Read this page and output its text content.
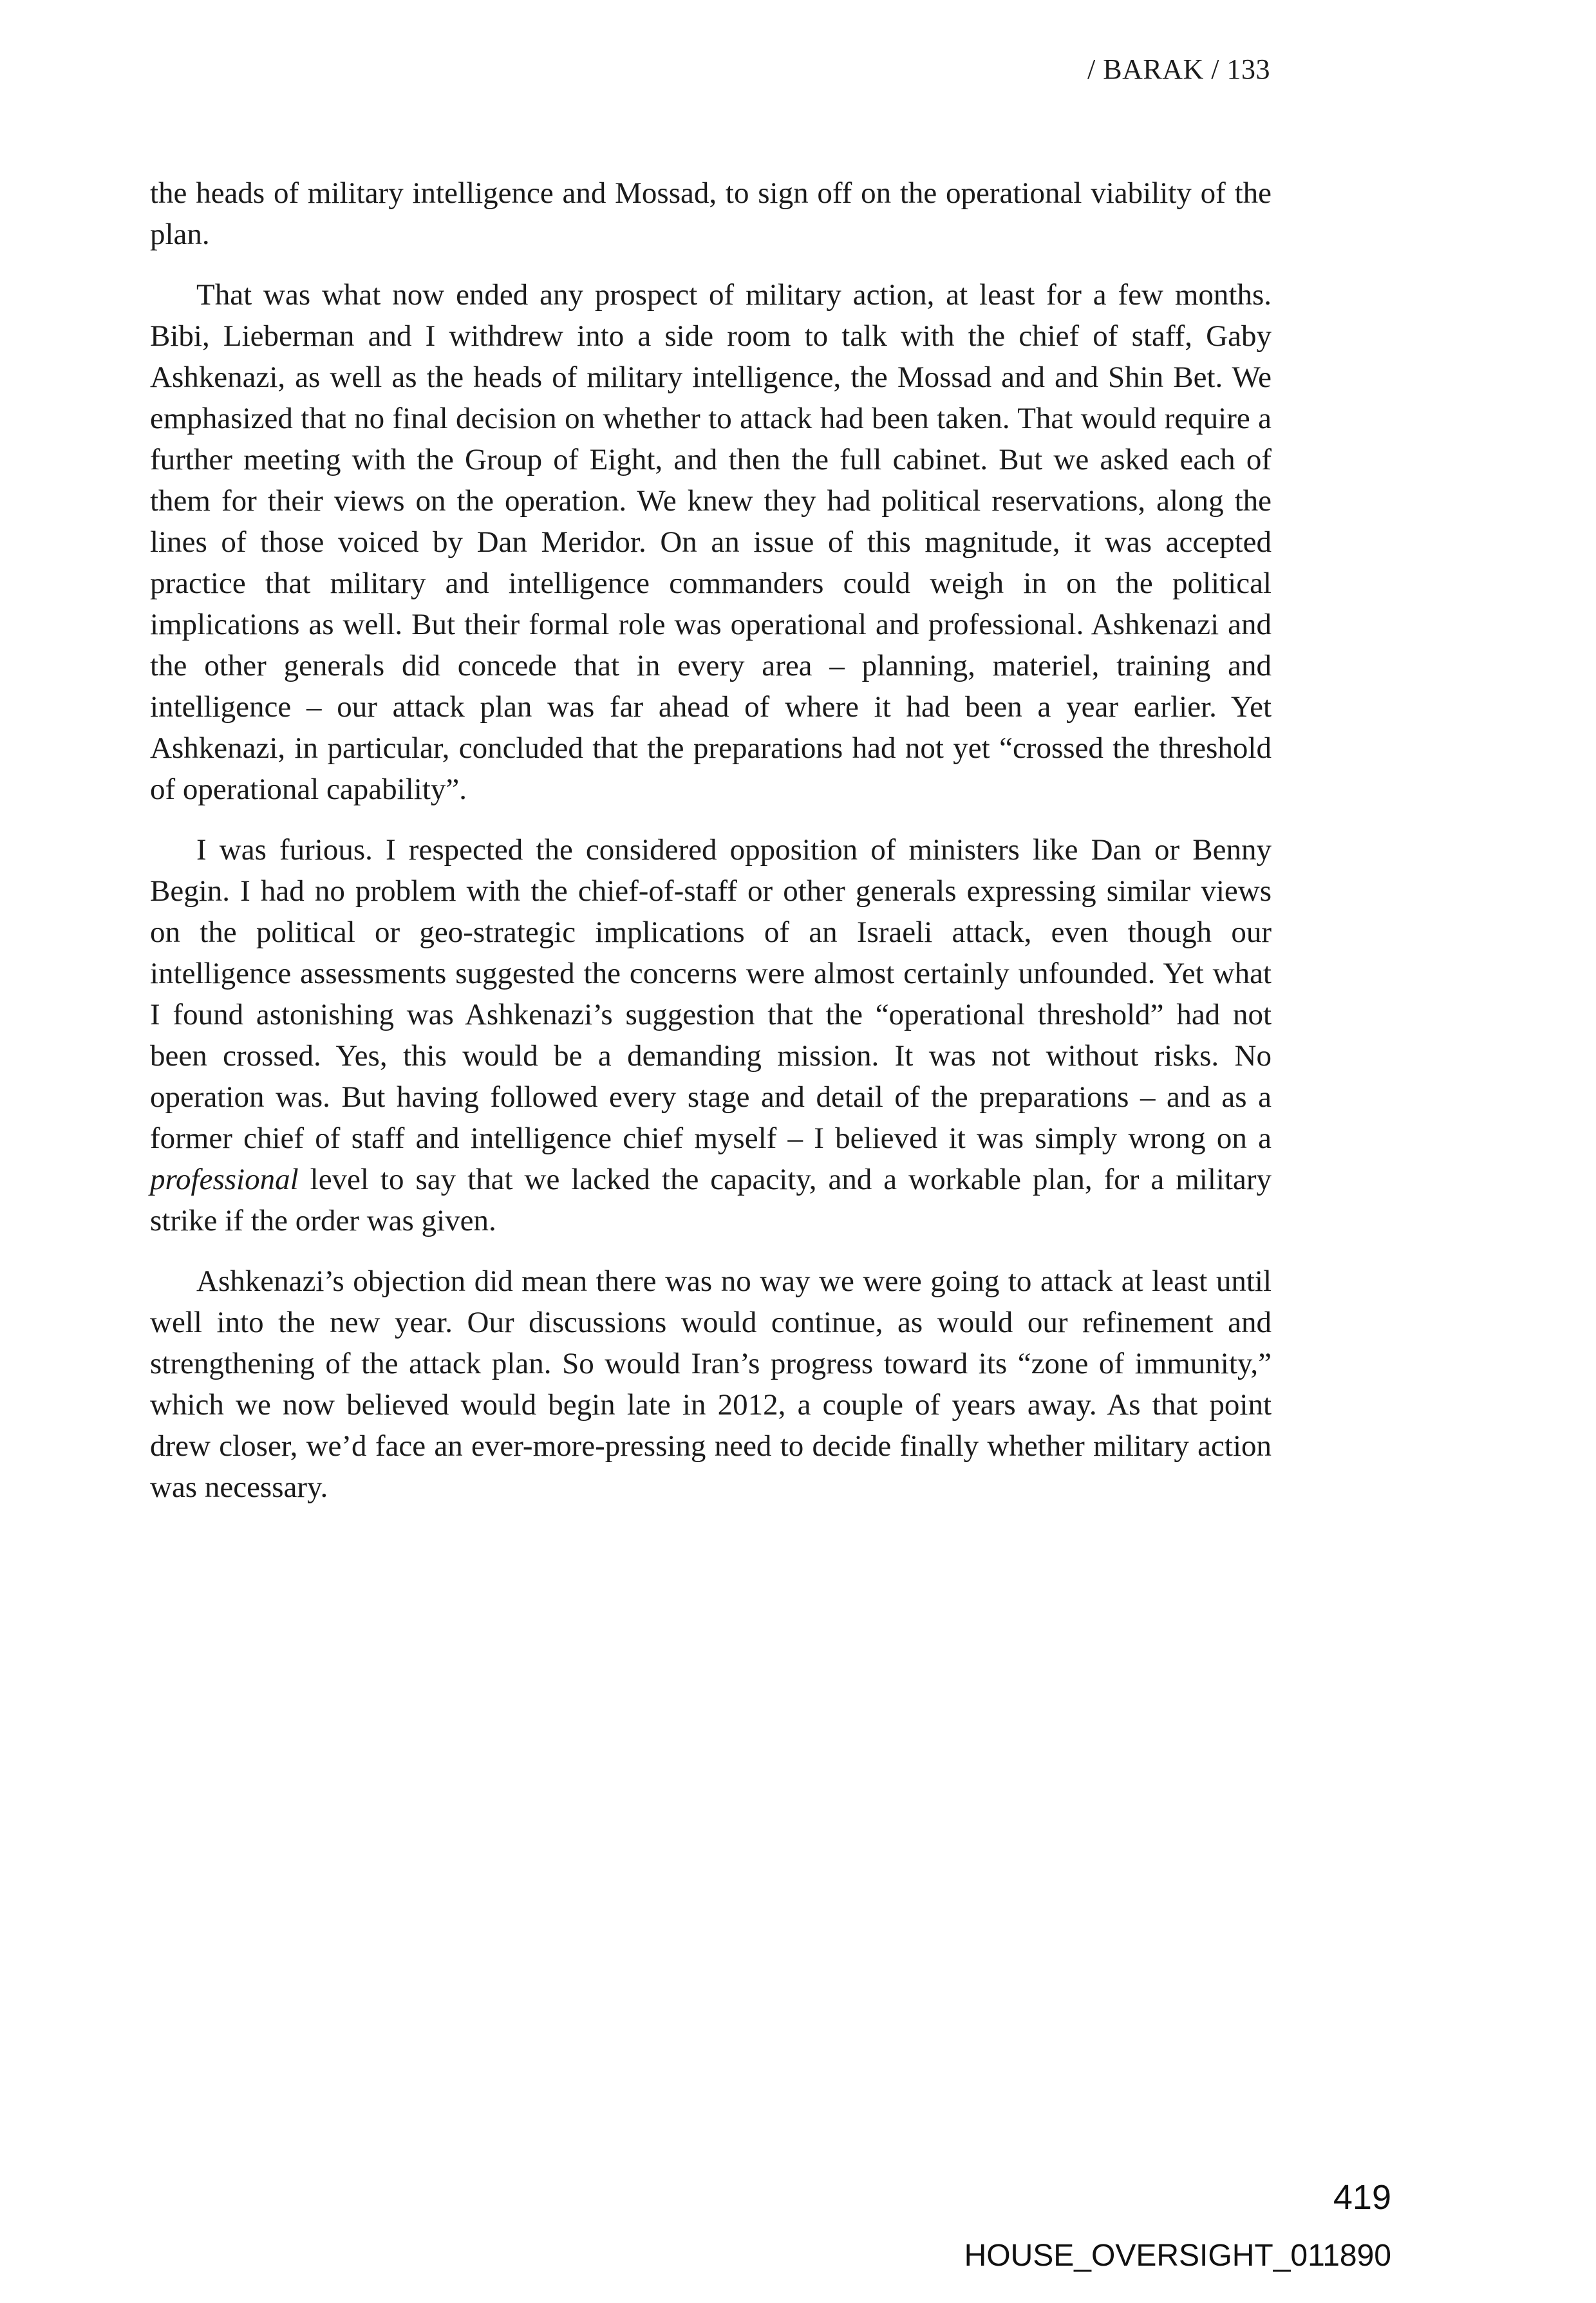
/ BARAK / 133

the heads of military intelligence and Mossad, to sign off on the operational viability of the plan.

That was what now ended any prospect of military action, at least for a few months. Bibi, Lieberman and I withdrew into a side room to talk with the chief of staff, Gaby Ashkenazi, as well as the heads of military intelligence, the Mossad and and Shin Bet. We emphasized that no final decision on whether to attack had been taken. That would require a further meeting with the Group of Eight, and then the full cabinet. But we asked each of them for their views on the operation. We knew they had political reservations, along the lines of those voiced by Dan Meridor. On an issue of this magnitude, it was accepted practice that military and intelligence commanders could weigh in on the political implications as well. But their formal role was operational and professional. Ashkenazi and the other generals did concede that in every area – planning, materiel, training and intelligence – our attack plan was far ahead of where it had been a year earlier. Yet Ashkenazi, in particular, concluded that the preparations had not yet “crossed the threshold of operational capability”.

I was furious. I respected the considered opposition of ministers like Dan or Benny Begin. I had no problem with the chief-of-staff or other generals expressing similar views on the political or geo-strategic implications of an Israeli attack, even though our intelligence assessments suggested the concerns were almost certainly unfounded. Yet what I found astonishing was Ashkenazi’s suggestion that the “operational threshold” had not been crossed. Yes, this would be a demanding mission. It was not without risks. No operation was. But having followed every stage and detail of the preparations – and as a former chief of staff and intelligence chief myself – I believed it was simply wrong on a professional level to say that we lacked the capacity, and a workable plan, for a military strike if the order was given.

Ashkenazi’s objection did mean there was no way we were going to attack at least until well into the new year. Our discussions would continue, as would our refinement and strengthening of the attack plan. So would Iran’s progress toward its “zone of immunity,” which we now believed would begin late in 2012, a couple of years away. As that point drew closer, we’d face an ever-more-pressing need to decide finally whether military action was necessary.

419
HOUSE_OVERSIGHT_011890
